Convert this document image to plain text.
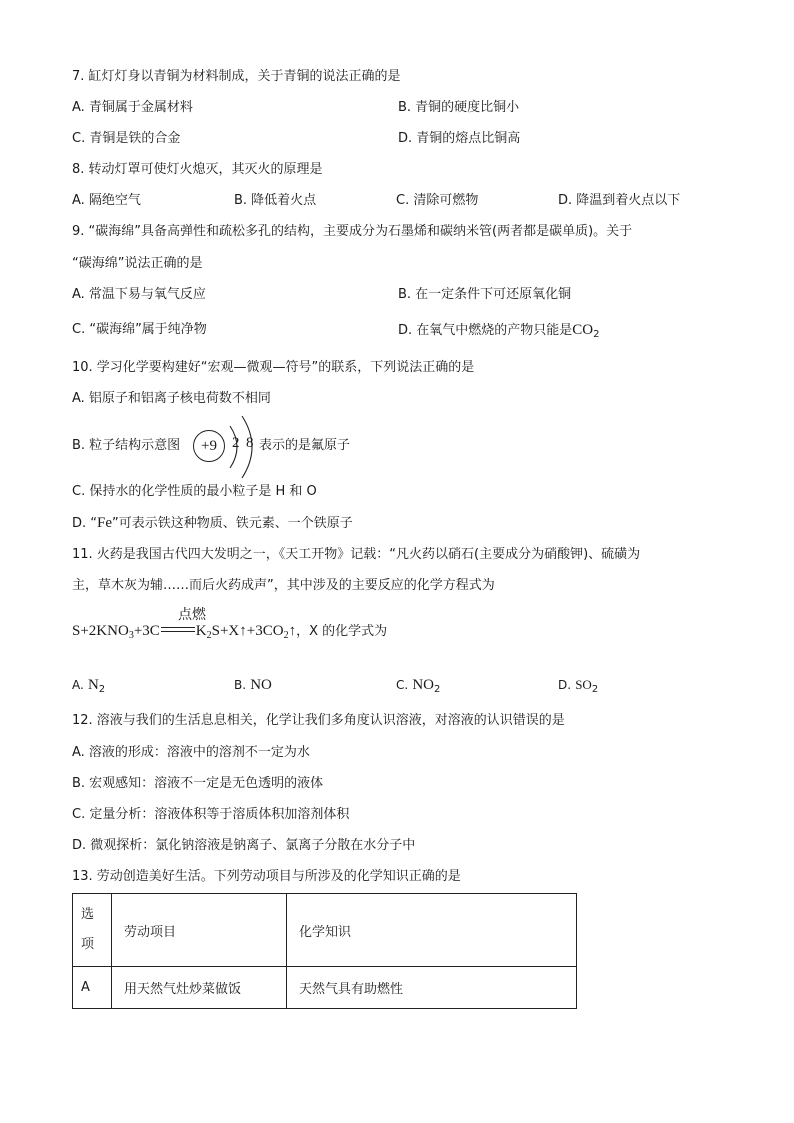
7. 缸灯灯身以青铜为材料制成，关于青铜的说法正确的是
A. 青铜属于金属材料	B. 青铜的硬度比铜小
C. 青铜是铁的合金	D. 青铜的熔点比铜高
8. 转动灯罩可使灯火熄灭，其灭火的原理是
A. 隔绝空气	B. 降低着火点	C. 清除可燃物	D. 降温到着火点以下
9. “碳海绵”具备高弹性和疏松多孔的结构，主要成分为石墨烯和碳纳米管(两者都是碳单质)。关于
“碳海绵”说法正确的是
A. 常温下易与氧气反应	B. 在一定条件下可还原氧化铜
C. “碳海绵”属于纯净物	D. 在氧气中燃烧的产物只能是$CO_2$
10. 学习化学要构建好“宏观—微观—符号”的联系，下列说法正确的是
A. 铝原子和铝离子核电荷数不相同
B. 粒子结构示意图	+9	2 8 表示的是氟原子
C. 保持水的化学性质的最小粒子是 H 和 O
D. “Fe”可表示铁这种物质、铁元素、一个铁原子
11. 火药是我国古代四大发明之一，《天工开物》记载：“凡火药以硝石(主要成分为硝酸钾)、硫磺为
主，草木灰为辅……而后火药成声”，其中涉及的主要反应的化学方程式为
点燃
$S+2KNO_3+3C$ $K_2S+X↑+3CO_2↑$，X 的化学式为
A. $N_2$	B. NO	C. $NO_2$	D. $SO_2$
12. 溶液与我们的生活息息相关，化学让我们多角度认识溶液，对溶液的认识错误的是
A. 溶液的形成：溶液中的溶剂不一定为水
B. 宏观感知：溶液不一定是无色透明的液体
C. 定量分析：溶液体积等于溶质体积加溶剂体积
D. 微观探析：氯化钠溶液是钠离子、氯离子分散在水分子中
13. 劳动创造美好生活。下列劳动项目与所涉及的化学知识正确的是
选项	劳动项目	化学知识
A	用天然气灶炒菜做饭	天然气具有助燃性
